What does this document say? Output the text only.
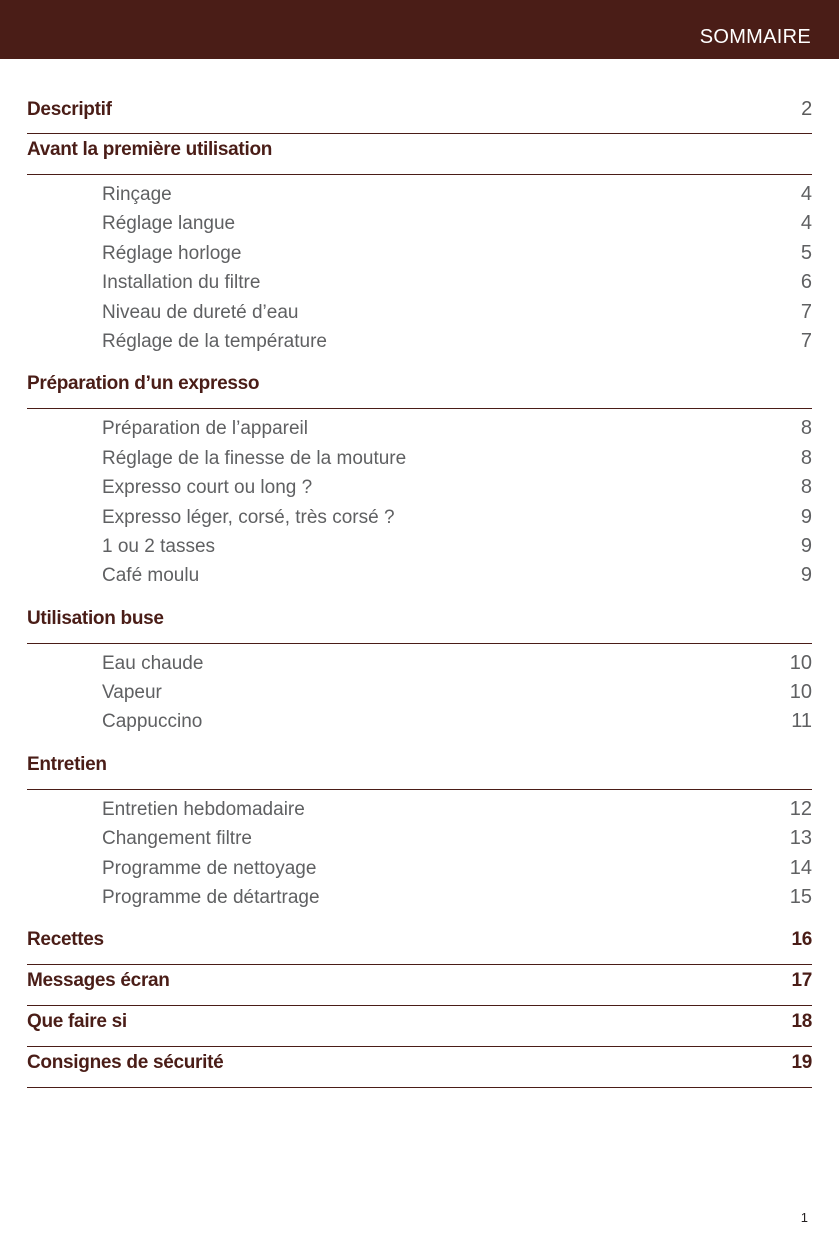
SOMMAIRE
Descriptif	2
Avant la première utilisation
Rinçage	4
Réglage langue	4
Réglage horloge	5
Installation du filtre	6
Niveau de dureté d’eau	7
Réglage de la température	7
Préparation d’un expresso
Préparation de l’appareil	8
Réglage de la finesse de la mouture	8
Expresso court ou long ?	8
Expresso léger, corsé, très corsé ?	9
1 ou 2 tasses	9
Café moulu	9
Utilisation buse
Eau chaude	10
Vapeur	10
Cappuccino	11
Entretien
Entretien hebdomadaire	12
Changement filtre	13
Programme de nettoyage	14
Programme de détartrage	15
Recettes	16
Messages écran	17
Que faire si	18
Consignes de sécurité	19
1
